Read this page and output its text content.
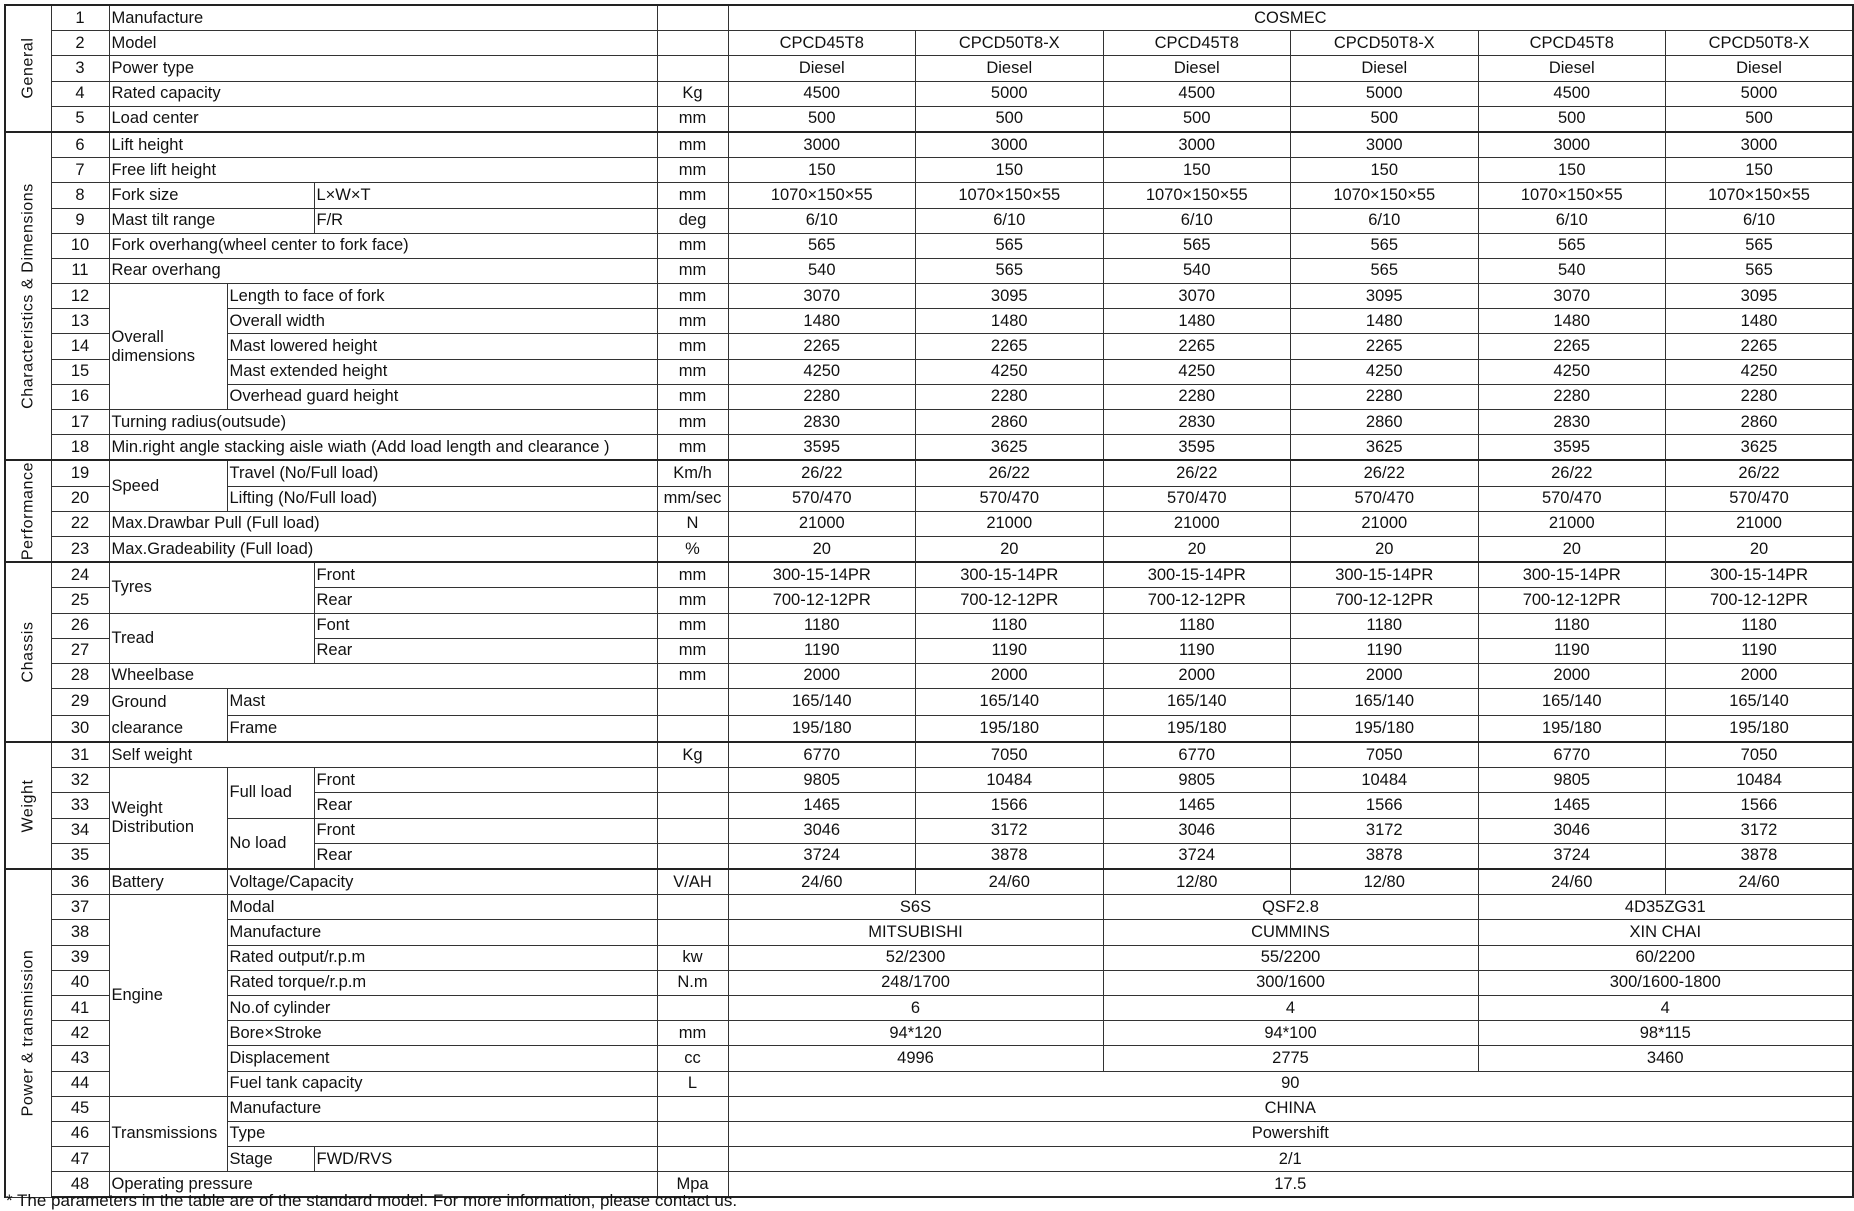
General	1	Manufacture				COSMEC					
	2	Model				CPCD45T8	CPCD50T8-X	CPCD45T8	CPCD50T8-X	CPCD45T8	CPCD50T8-X
	3	Power type				Diesel	Diesel	Diesel	Diesel	Diesel	Diesel
	4	Rated capacity			Kg	4500	5000	4500	5000	4500	5000
	5	Load center			mm	500	500	500	500	500	500

Characteristics & Dimensions	6	Lift height			mm	3000	3000	3000	3000	3000	3000
	7	Free lift height			mm	150	150	150	150	150	150
	8	Fork size		L×W×T	mm	1070×150×55	1070×150×55	1070×150×55	1070×150×55	1070×150×55	1070×150×55
	9	Mast tilt range		F/R	deg	6/10	6/10	6/10	6/10	6/10	6/10
	10	Fork overhang(wheel center to fork face)			mm	565	565	565	565	565	565
	11	Rear overhang			mm	540	565	540	565	540	565
	12	Overall dimensions	Length to face of fork		mm	3070	3095	3070	3095	3070	3095
	13		Overall width		mm	1480	1480	1480	1480	1480	1480
	14		Mast lowered height		mm	2265	2265	2265	2265	2265	2265
	15		Mast extended height		mm	4250	4250	4250	4250	4250	4250
	16		Overhead guard height		mm	2280	2280	2280	2280	2280	2280
	17	Turning radius(outsude)			mm	2830	2860	2830	2860	2830	2860
	18	Min.right angle stacking aisle wiath (Add load length and clearance )			mm	3595	3625	3595	3625	3595	3625

Performance	19	Speed	Travel (No/Full load)		Km/h	26/22	26/22	26/22	26/22	26/22	26/22
	20		Lifting (No/Full load)		mm/sec	570/470	570/470	570/470	570/470	570/470	570/470
	22	Max.Drawbar Pull (Full load)			N	21000	21000	21000	21000	21000	21000
	23	Max.Gradeability (Full load)			%	20	20	20	20	20	20

Chassis	24	Tyres		Front	mm	300-15-14PR	300-15-14PR	300-15-14PR	300-15-14PR	300-15-14PR	300-15-14PR
	25			Rear	mm	700-12-12PR	700-12-12PR	700-12-12PR	700-12-12PR	700-12-12PR	700-12-12PR
	26	Tread		Font	mm	1180	1180	1180	1180	1180	1180
	27			Rear	mm	1190	1190	1190	1190	1190	1190
	28	Wheelbase			mm	2000	2000	2000	2000	2000	2000
	29	Ground clearance	Mast			165/140	165/140	165/140	165/140	165/140	165/140
	30		Frame			195/180	195/180	195/180	195/180	195/180	195/180

Weight	31	Self weight			Kg	6770	7050	6770	7050	6770	7050
	32	Weight Distribution	Full load	Front		9805	10484	9805	10484	9805	10484
	33			Rear		1465	1566	1465	1566	1465	1566
	34		No load	Front		3046	3172	3046	3172	3046	3172
	35			Rear		3724	3878	3724	3878	3724	3878

Power & transmission	36	Battery	Voltage/Capacity		V/AH	24/60	24/60	12/80	12/80	24/60	24/60
	37	Engine	Modal			S6S		QSF2.8		4D35ZG31	
	38		Manufacture			MITSUBISHI		CUMMINS		XIN CHAI	
	39		Rated output/r.p.m		kw	52/2300		55/2200		60/2200	
	40		Rated torque/r.p.m		N.m	248/1700		300/1600		300/1600-1800	
	41		No.of cylinder			6		4		4	
	42		Bore×Stroke		mm	94*120		94*100		98*115	
	43		Displacement		cc	4996		2775		3460	
	44		Fuel tank capacity		L	90					
	45	Transmissions	Manufacture			CHINA					
	46		Type			Powershift					
	47		Stage	FWD/RVS		2/1					
	48	Operating pressure			Mpa	17.5					
* The parameters in the table are of the standard model. For more information, please contact us.
